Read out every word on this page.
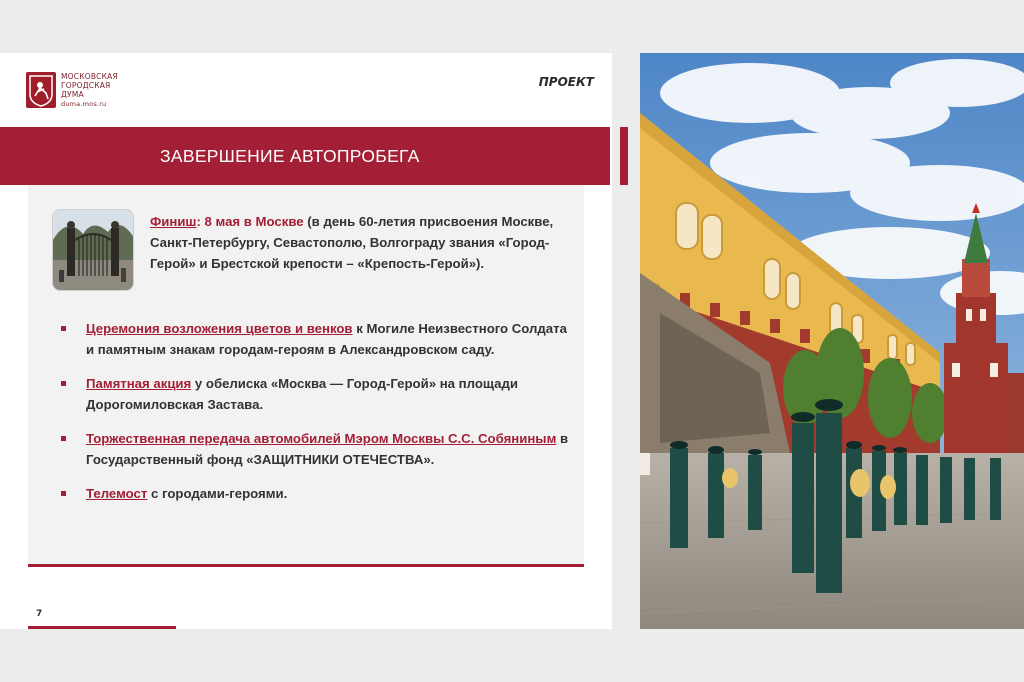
МОСКОВСКАЯ
ГОРОДСКАЯ
ДУМА
duma.mos.ru
ПРОЕКТ
ЗАВЕРШЕНИЕ АВТОПРОБЕГА
Финиш: 8 мая в Москве (в день 60-летия присвоения Москве, Санкт-Петербургу, Севастополю, Волгограду звания «Город-Герой» и Брестской крепости – «Крепость-Герой»).
Церемония возложения цветов и венков к Могиле Неизвестного Солдата и памятным знакам городам-героям в Александровском саду.
Памятная акция у обелиска «Москва — Город-Герой» на площади Дорогомиловская Застава.
Торжественная передача автомобилей Мэром Москвы С.С. Собяниным в Государственный фонд «ЗАЩИТНИКИ ОТЕЧЕСТВА».
Телемост с городами-героями.
7
